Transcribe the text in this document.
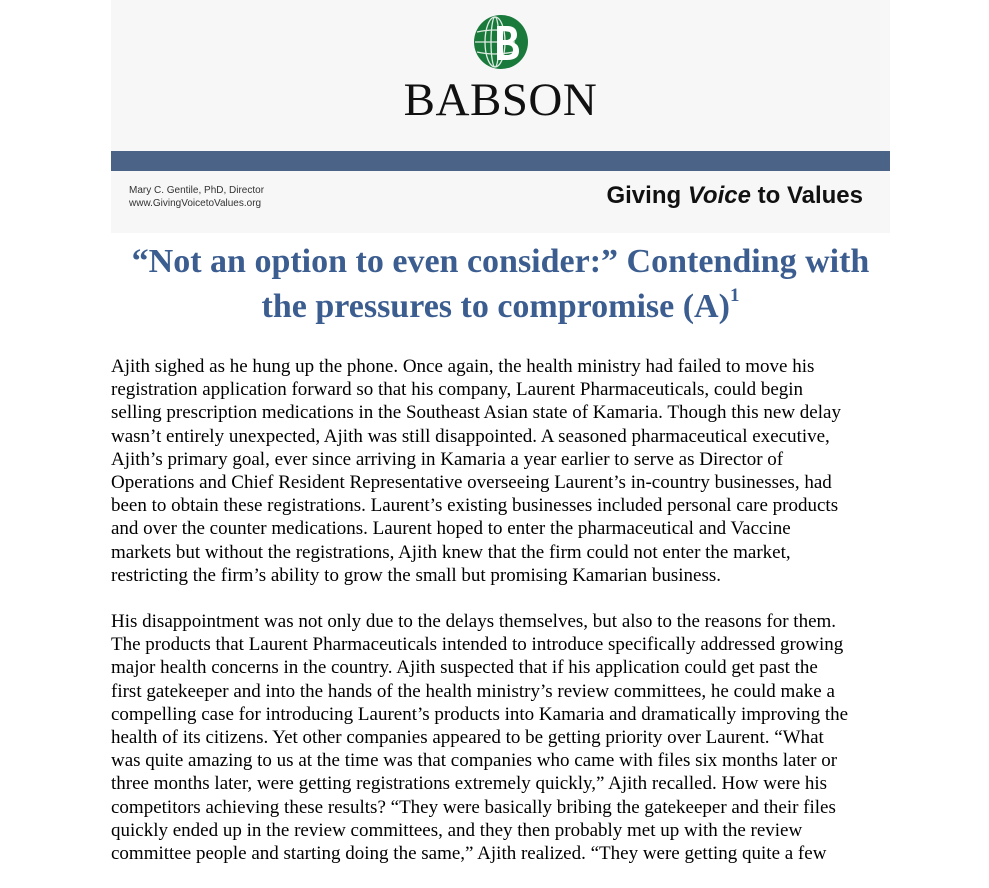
BABSON
Mary C. Gentile, PhD, Director
www.GivingVoicetoValues.org	Giving Voice to Values
“Not an option to even consider:” Contending with
the pressures to compromise $(A)^1$

Ajith sighed as he hung up the phone. Once again, the health ministry had failed to move his
registration application forward so that his company, Laurent Pharmaceuticals, could begin
selling prescription medications in the Southeast Asian state of Kamaria. Though this new delay
wasn’t entirely unexpected, Ajith was still disappointed. A seasoned pharmaceutical executive,
Ajith’s primary goal, ever since arriving in Kamaria a year earlier to serve as Director of
Operations and Chief Resident Representative overseeing Laurent’s in-country businesses, had
been to obtain these registrations. Laurent’s existing businesses included personal care products
and over the counter medications. Laurent hoped to enter the pharmaceutical and Vaccine
markets but without the registrations, Ajith knew that the firm could not enter the market,
restricting the firm’s ability to grow the small but promising Kamarian business.

His disappointment was not only due to the delays themselves, but also to the reasons for them.
The products that Laurent Pharmaceuticals intended to introduce specifically addressed growing
major health concerns in the country. Ajith suspected that if his application could get past the
first gatekeeper and into the hands of the health ministry’s review committees, he could make a
compelling case for introducing Laurent’s products into Kamaria and dramatically improving the
health of its citizens. Yet other companies appeared to be getting priority over Laurent. “What
was quite amazing to us at the time was that companies who came with files six months later or
three months later, were getting registrations extremely quickly,” Ajith recalled. How were his
competitors achieving these results? “They were basically bribing the gatekeeper and their files
quickly ended up in the review committees, and they then probably met up with the review
committee people and starting doing the same,” Ajith realized. “They were getting quite a few
